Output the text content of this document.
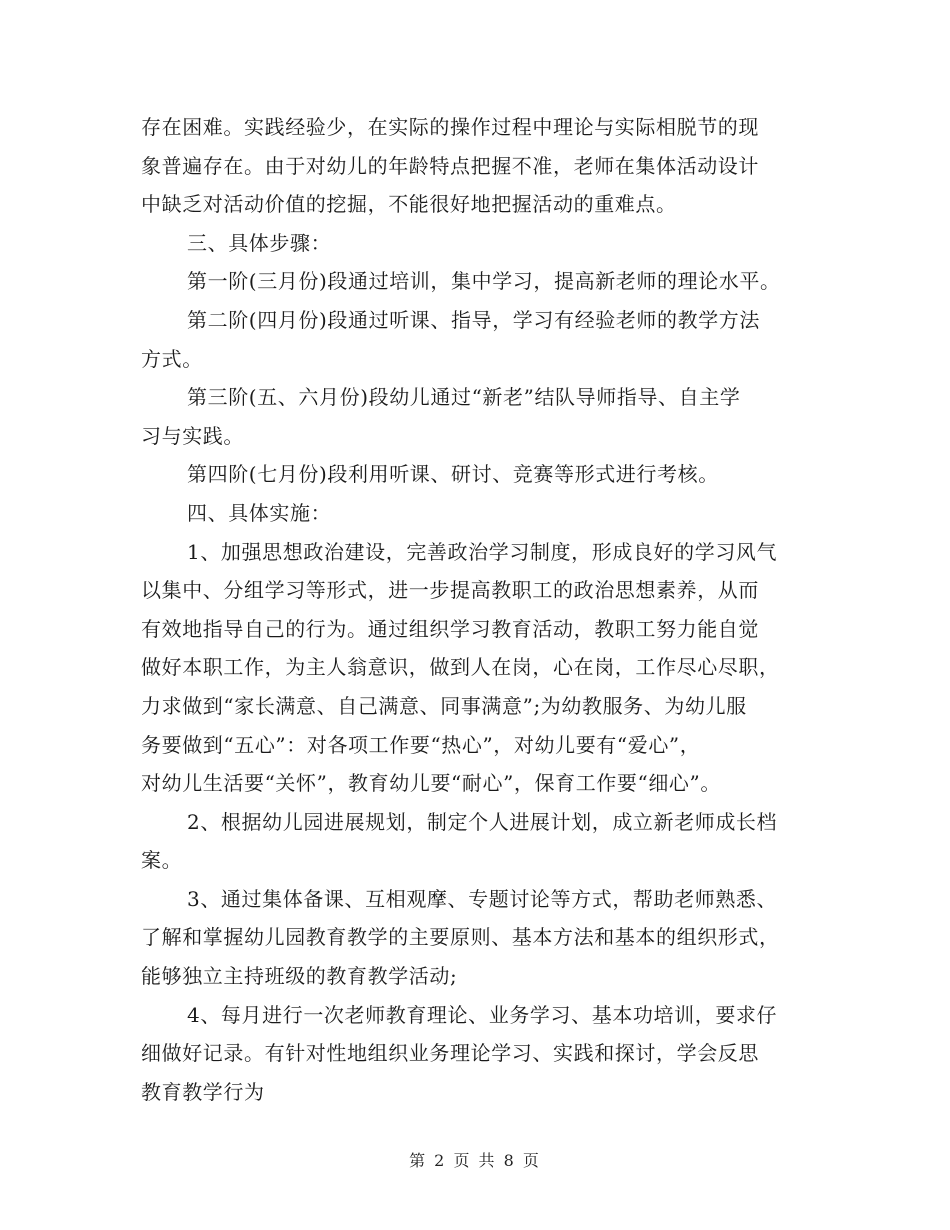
存在困难。实践经验少，在实际的操作过程中理论与实际相脱节的现
象普遍存在。由于对幼儿的年龄特点把握不准，老师在集体活动设计
中缺乏对活动价值的挖掘，不能很好地把握活动的重难点。
三、具体步骤：
第一阶(三月份)段通过培训，集中学习，提高新老师的理论水平。
第二阶(四月份)段通过听课、指导，学习有经验老师的教学方法
方式。
第三阶(五、六月份)段幼儿通过“新老”结队导师指导、自主学
习与实践。
第四阶(七月份)段利用听课、研讨、竞赛等形式进行考核。
四、具体实施：
1、加强思想政治建设，完善政治学习制度，形成良好的学习风气
以集中、分组学习等形式，进一步提高教职工的政治思想素养，从而
有效地指导自己的行为。通过组织学习教育活动，教职工努力能自觉
做好本职工作，为主人翁意识，做到人在岗，心在岗，工作尽心尽职，
力求做到“家长满意、自己满意、同事满意”;为幼教服务、为幼儿服
务要做到“五心”：对各项工作要“热心”，对幼儿要有“爱心”，
对幼儿生活要“关怀”，教育幼儿要“耐心”，保育工作要“细心”。
2、根据幼儿园进展规划，制定个人进展计划，成立新老师成长档
案。
3、通过集体备课、互相观摩、专题讨论等方式，帮助老师熟悉、
了解和掌握幼儿园教育教学的主要原则、基本方法和基本的组织形式，
能够独立主持班级的教育教学活动;
4、每月进行一次老师教育理论、业务学习、基本功培训，要求仔
细做好记录。有针对性地组织业务理论学习、实践和探讨，学会反思
教育教学行为
第 2 页 共 8 页
